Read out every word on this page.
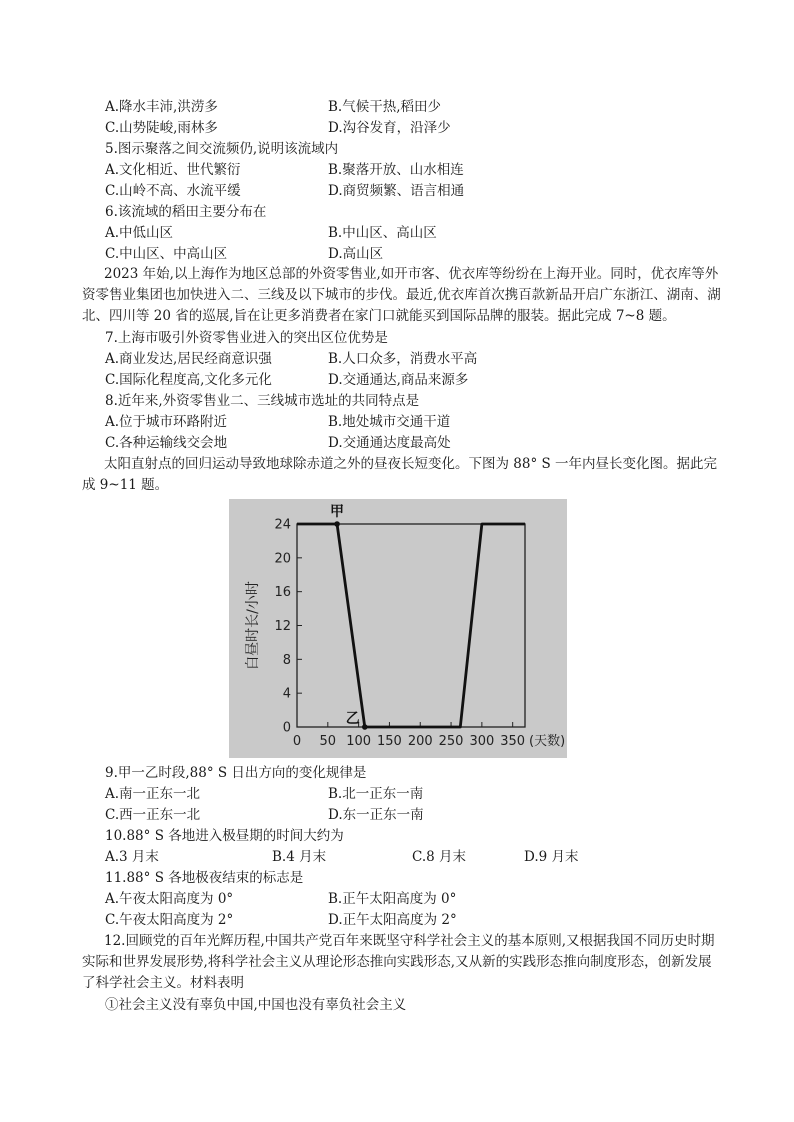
A.降水丰沛,洪涝多	B.气候干热,稻田少
C.山势陡峻,雨林多	D.沟谷发育，沿泽少
5.图示聚落之间交流频仍,说明该流域内
A.文化相近、世代繁衍	B.聚落开放、山水相连
C.山岭不高、水流平缓	D.商贸频繁、语言相通
6.该流域的稻田主要分布在
A.中低山区	B.中山区、高山区
C.中山区、中高山区	D.高山区
2023 年始,以上海作为地区总部的外资零售业,如开市客、优衣库等纷纷在上海开业。同时，优衣库等外资零售业集团也加快进入二、三线及以下城市的步伐。最近,优衣库首次携百款新品开启广东浙江、湖南、湖北、四川等 20 省的巡展,旨在让更多消费者在家门口就能买到国际品牌的服装。据此完成 7~8 题。
7.上海市吸引外资零售业进入的突出区位优势是
A.商业发达,居民经商意识强	B.人口众多，消费水平高
C.国际化程度高,文化多元化	D.交通通达,商品来源多
8.近年来,外资零售业二、三线城市选址的共同特点是
A.位于城市环路附近	B.地处城市交通干道
C.各种运输线交会地	D.交通通达度最高处
太阳直射点的回归运动导致地球除赤道之外的昼夜长短变化。下图为 88° S 一年内昼长变化图。据此完成 9~11 题。
0
4
8
12
16
20
24
0 50 100 150 200 250 300 350 (天数)
白昼时长/小时
甲
乙
9.甲一乙时段,88° S 日出方向的变化规律是
A.南一正东一北	B.北一正东一南
C.西一正东一北	D.东一正东一南
10.88° S 各地进入极昼期的时间大约为
A.3 月末	B.4 月末	C.8 月末	D.9 月末
11.88° S 各地极夜结束的标志是
A.午夜太阳高度为 0°	B.正午太阳高度为 0°
C.午夜太阳高度为 2°	D.正午太阳高度为 2°
12.回顾党的百年光辉历程,中国共产党百年来既坚守科学社会主义的基本原则,又根据我国不同历史时期实际和世界发展形势,将科学社会主义从理论形态推向实践形态,又从新的实践形态推向制度形态，创新发展了科学社会主义。材料表明
①社会主义没有辜负中国,中国也没有辜负社会主义
